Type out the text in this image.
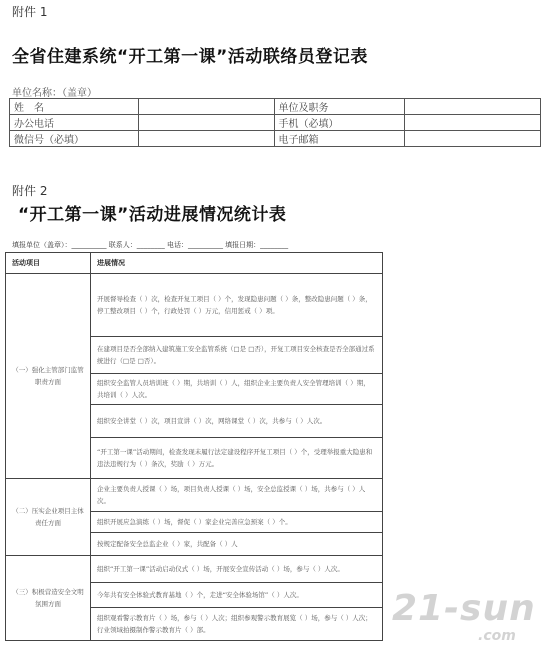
附件 1
全省住建系统“开工第一课”活动联络员登记表
单位名称：（盖章）
姓　名		单位及职务	
办公电话		手机（必填）	
微信号（必填）		电子邮箱	
附件 2
“开工第一课”活动进展情况统计表
填报单位（盖章）：__________ 联系人：________ 电话：__________ 填报日期：________
活动项目	进展情况
（一）强化主管部门监管职责方面	开展督导检查（ ）次，检查开复工项目（ ）个，发现隐患问题（ ）条，整改隐患问题（ ）条，停工整改项目（ ）个，行政处罚（ ）万元，信用惩戒（ ）项。
	在建项目是否全部纳入建筑施工安全监管系统（□是 □否），开复工项目安全核查是否全部通过系统进行（□是 □否）。
	组织安全监管人员培训班（ ）期，共培训（ ）人，组织企业主要负责人安全管理培训（ ）期，共培训（ ）人次。
	组织安全讲堂（ ）次，项目宣讲（ ）次，网络课堂（ ）次，共参与（ ）人次。
	“开工第一课”活动期间，检查发现未履行法定建设程序开复工项目（ ）个，受理举报重大隐患和违法违规行为（ ）条次，奖励（ ）万元。
（二）压实企业项目主体责任方面	企业主要负责人授课（ ）场，项目负责人授课（ ）场，安全总监授课（ ）场，共参与（ ）人次。
	组织开展应急演练（ ）场，督促（ ）家企业完善应急预案（ ）个。
	按规定配备安全总监企业（ ）家，共配备（ ）人
（三）积极营造安全文明氛围方面	组织“开工第一课”活动启动仪式（ ）场，开展安全宣传活动（ ）场，参与（ ）人次。
	今年共有安全体验式教育基地（ ）个，走进“安全体验场馆”（ ）人次。
	组织观看警示教育片（ ）场，参与（ ）人次；组织参观警示教育展览（ ）场，参与（ ）人次；行业领域拍摄制作警示教育片（ ）部。
21-sun
.com
